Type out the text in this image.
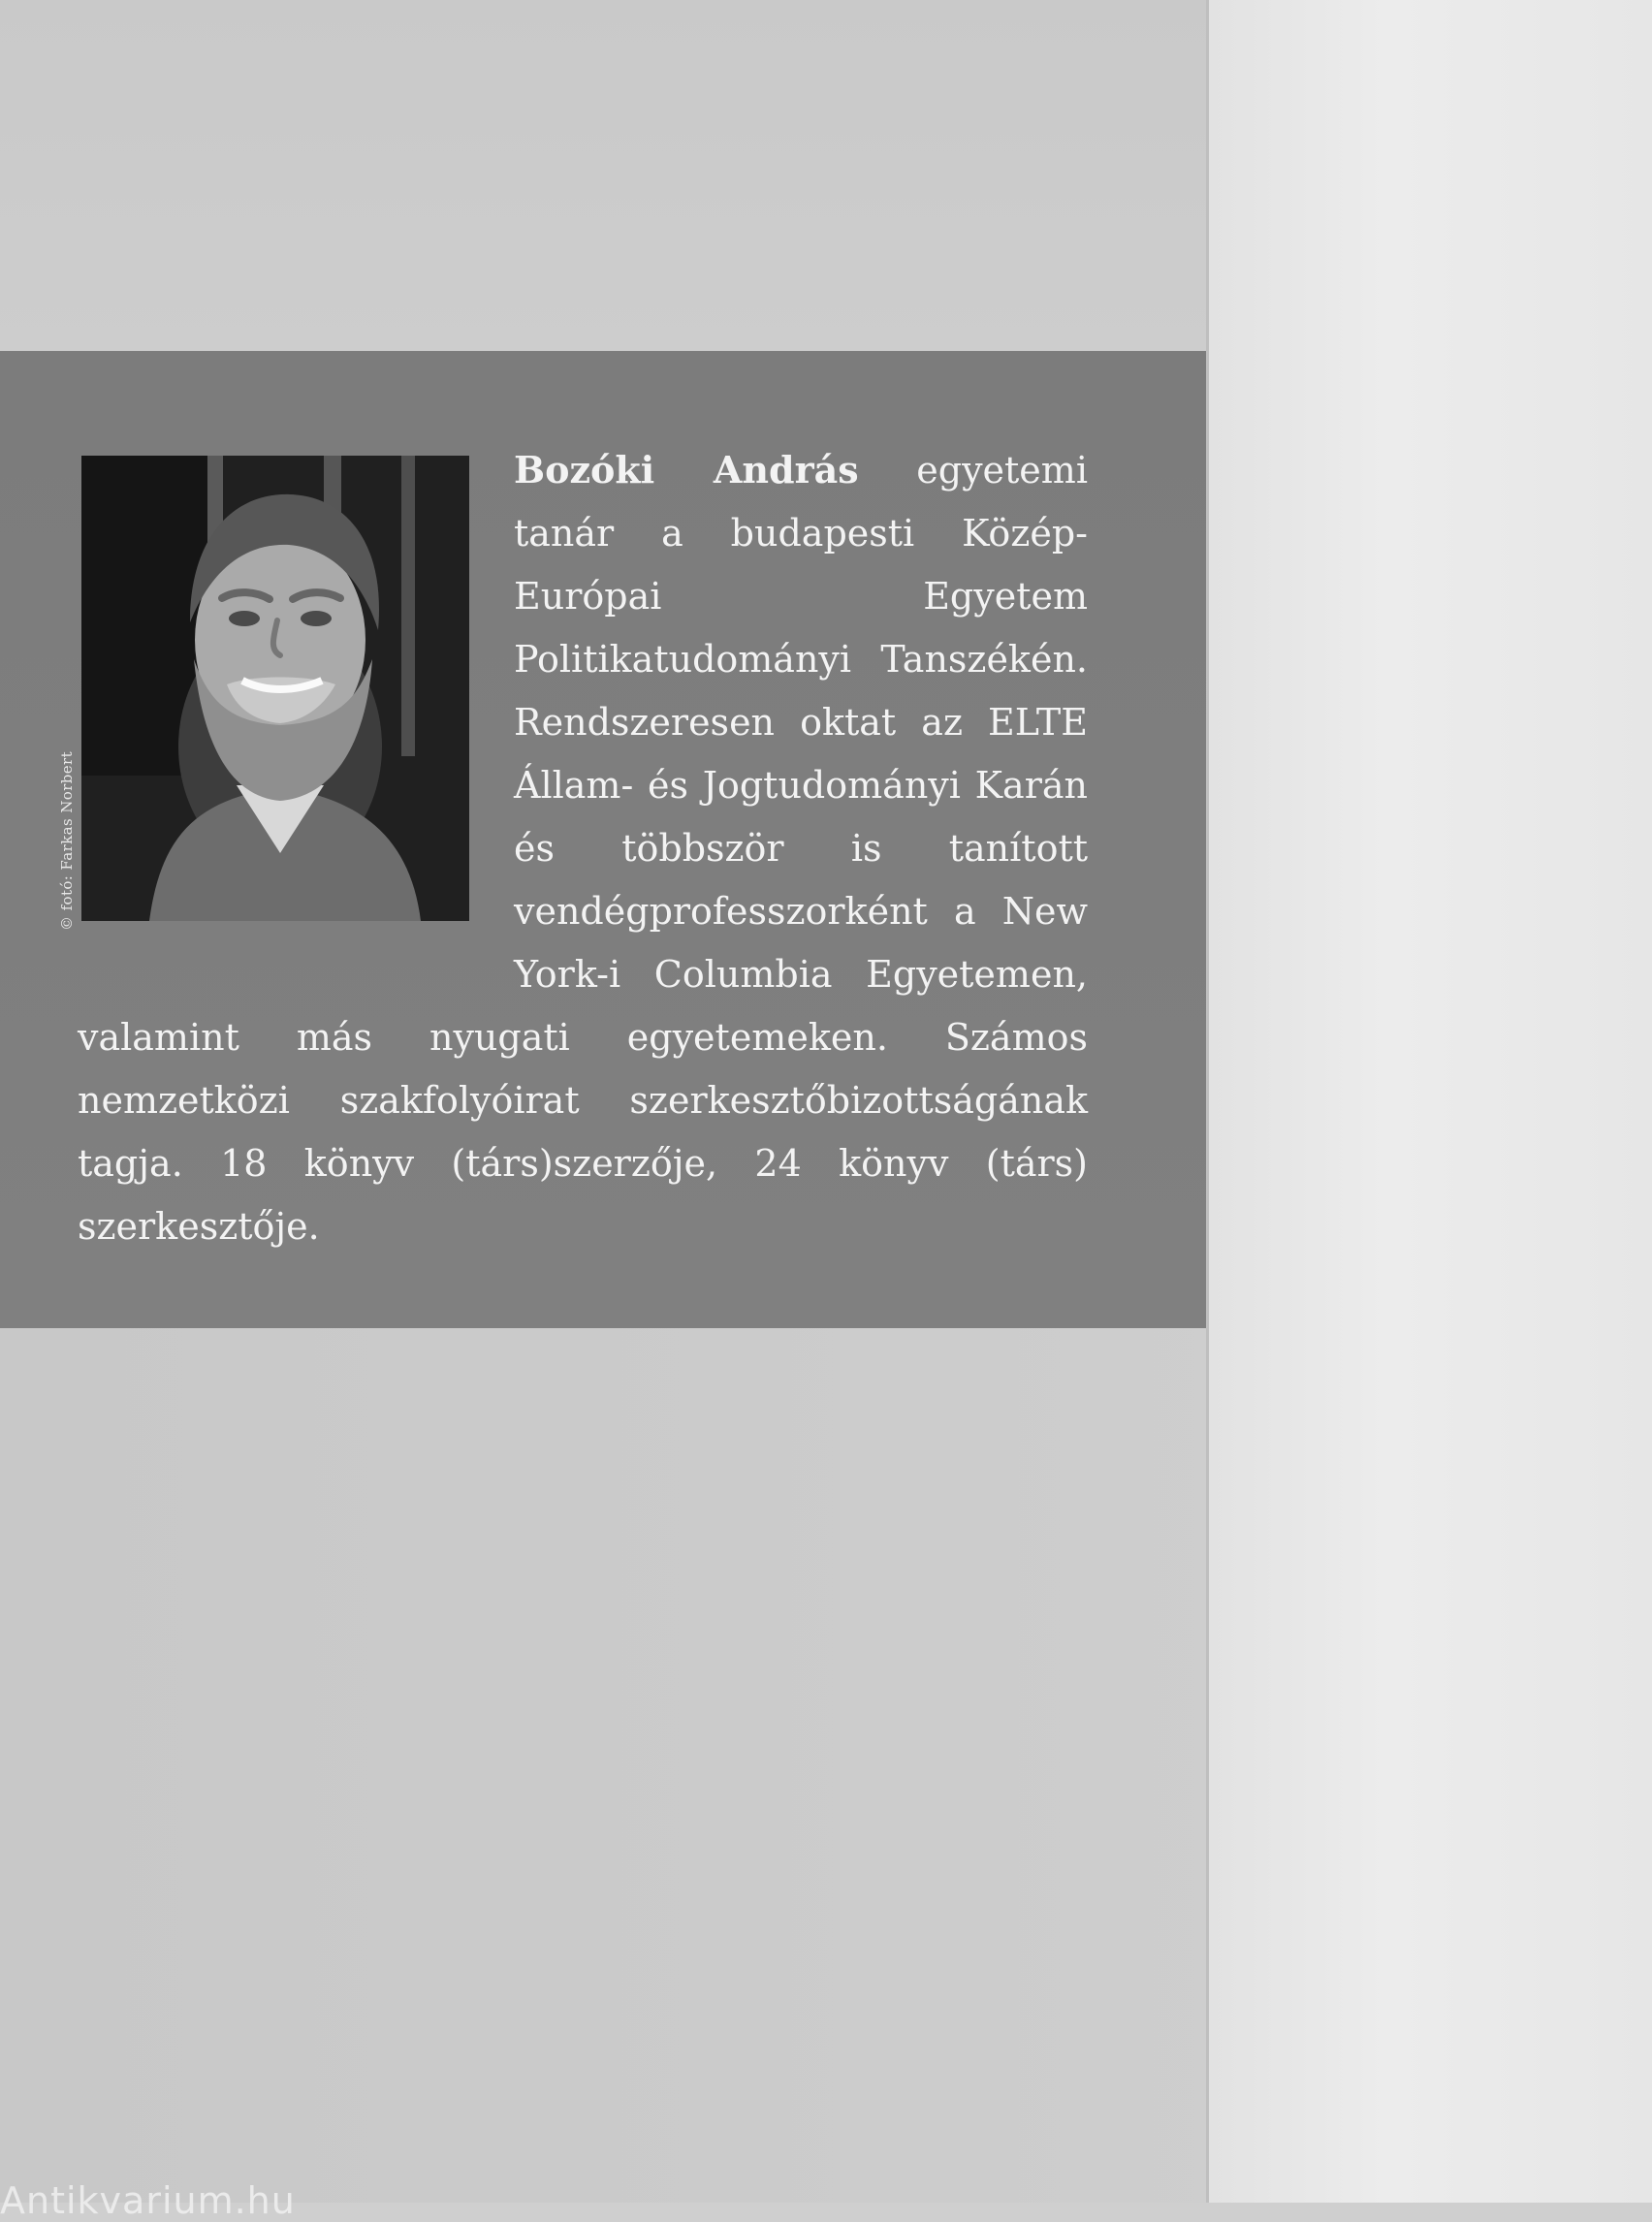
© fotó: Farkas Norbert
Bozóki András egyetemi tanár a budapesti Közép-Európai Egyetem Politikatudományi Tanszékén. Rendszeresen oktat az ELTE Állam- és Jogtudományi Karán és többször is tanított vendégprofesszorként a New York-i Columbia Egyetemen, valamint más nyugati egyetemeken. Számos nemzetközi szakfolyóirat szerkesztőbizottságának tagja. 18 könyv (társ)szerzője, 24 könyv (társ) szerkesztője.
Antikvarium.hu
